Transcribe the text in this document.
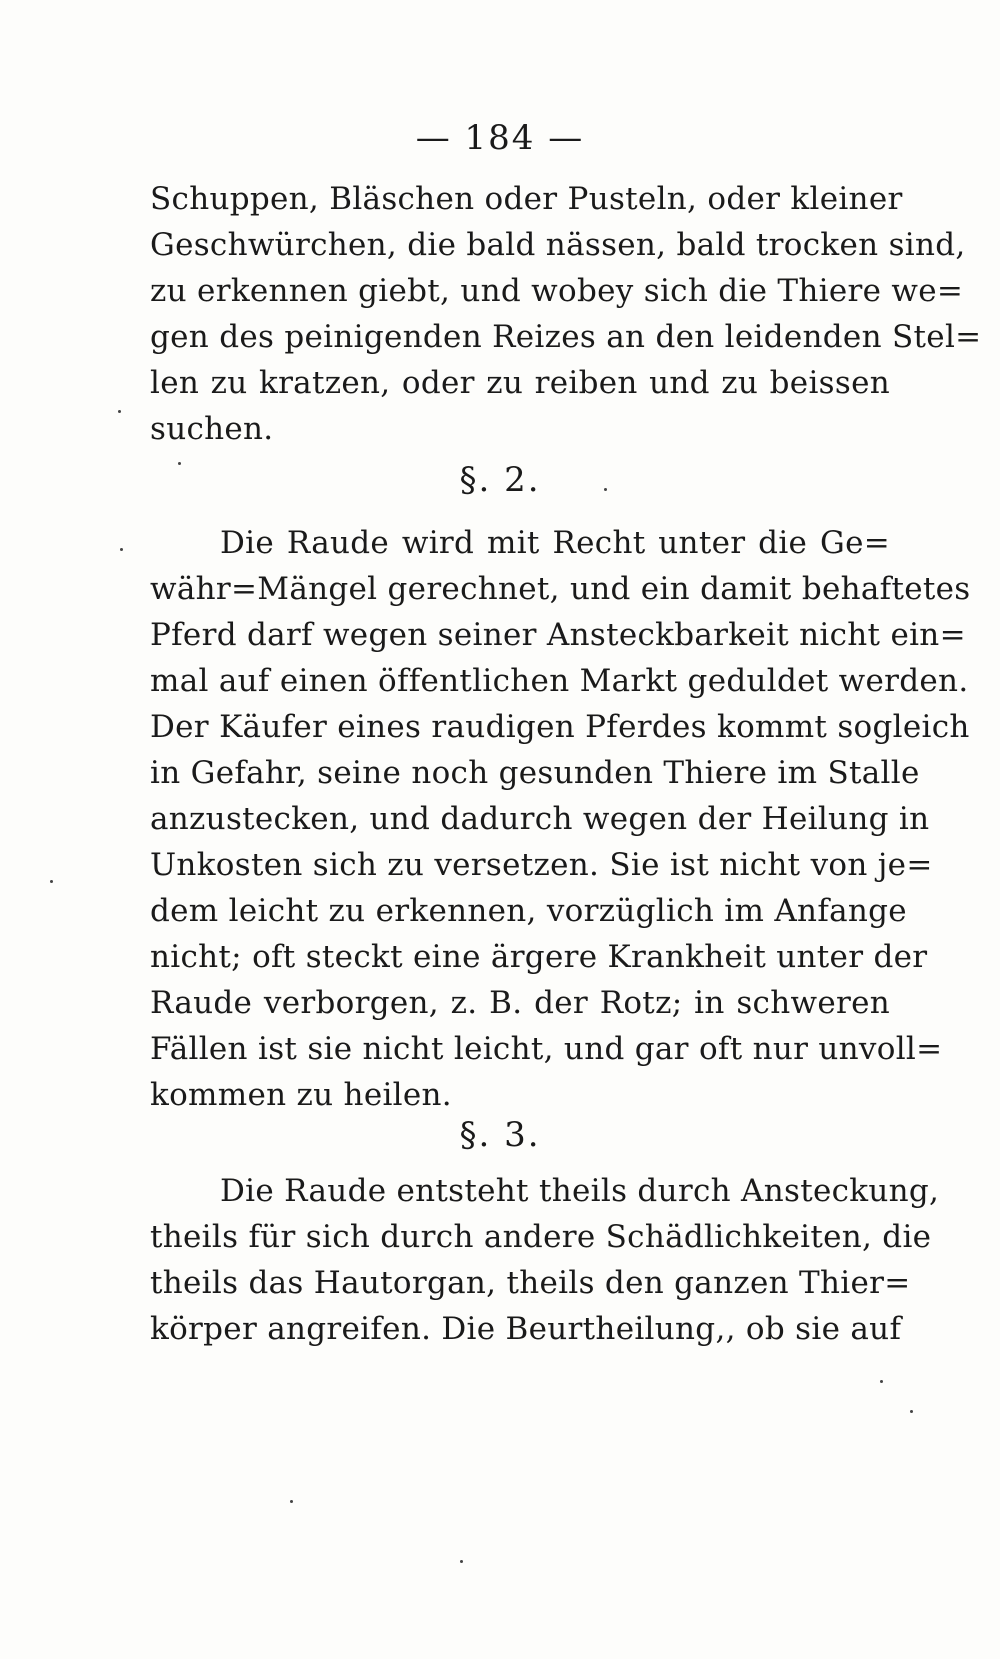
— 184 —
Schuppen, Bläschen oder Pusteln, oder kleiner
Geschwürchen, die bald nässen, bald trocken sind,
zu erkennen giebt, und wobey sich die Thiere we=
gen des peinigenden Reizes an den leidenden Stel=
len zu kratzen, oder zu reiben und zu beissen
suchen.
§. 2.
Die Raude wird mit Recht unter die Ge=
währ=Mängel gerechnet, und ein damit behaftetes
Pferd darf wegen seiner Ansteckbarkeit nicht ein=
mal auf einen öffentlichen Markt geduldet werden.
Der Käufer eines raudigen Pferdes kommt sogleich
in Gefahr, seine noch gesunden Thiere im Stalle
anzustecken, und dadurch wegen der Heilung in
Unkosten sich zu versetzen. Sie ist nicht von je=
dem leicht zu erkennen, vorzüglich im Anfange
nicht; oft steckt eine ärgere Krankheit unter der
Raude verborgen, z. B. der Rotz; in schweren
Fällen ist sie nicht leicht, und gar oft nur unvoll=
kommen zu heilen.
§. 3.
Die Raude entsteht theils durch Ansteckung,
theils für sich durch andere Schädlichkeiten, die
theils das Hautorgan, theils den ganzen Thier=
körper angreifen. Die Beurtheilung,, ob sie auf
